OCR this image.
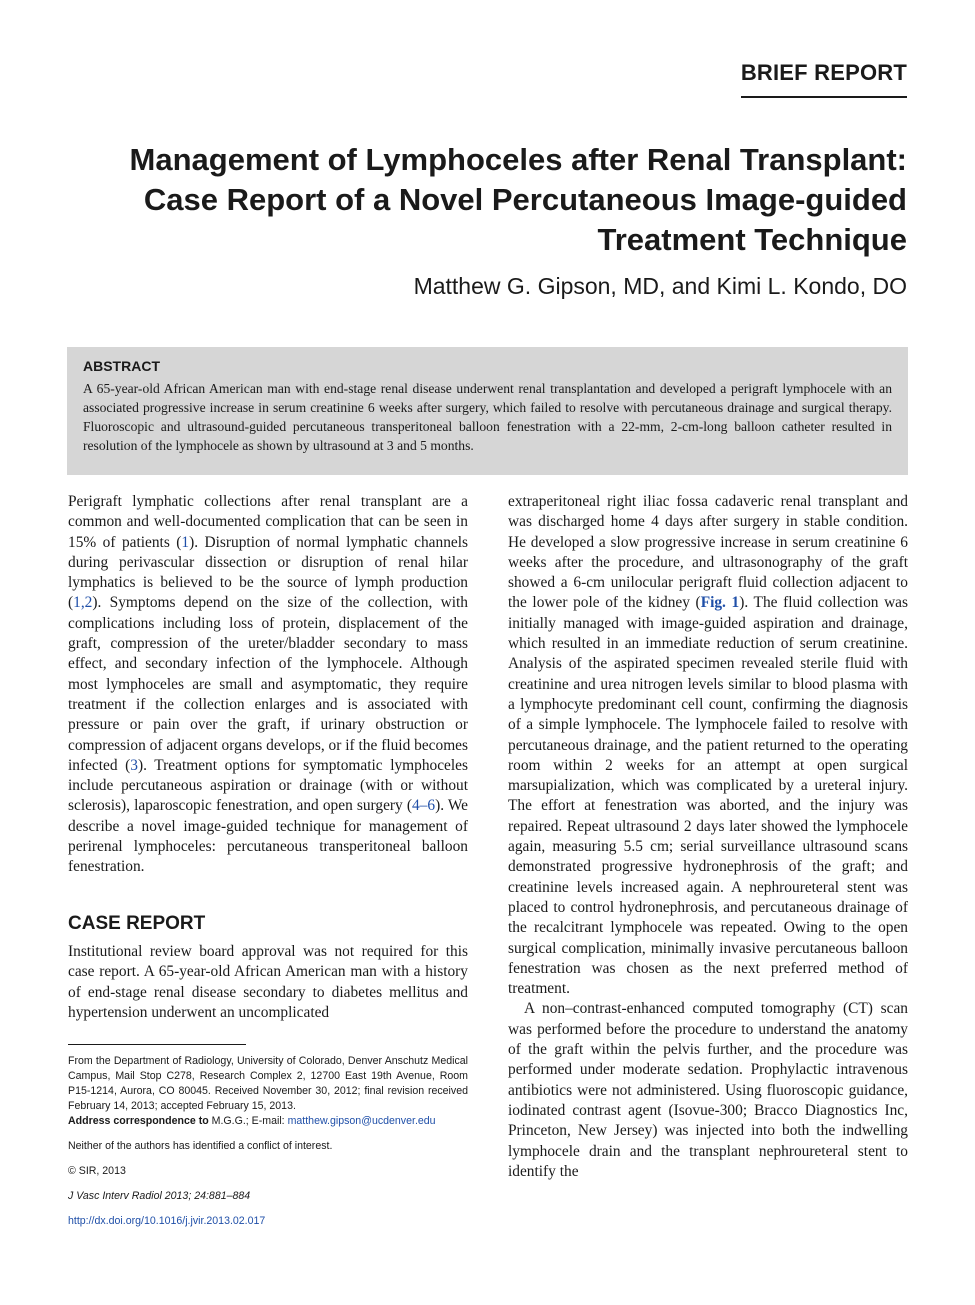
BRIEF REPORT
Management of Lymphoceles after Renal Transplant:
Case Report of a Novel Percutaneous Image-guided
Treatment Technique
Matthew G. Gipson, MD, and Kimi L. Kondo, DO
ABSTRACT
A 65-year-old African American man with end-stage renal disease underwent renal transplantation and developed a perigraft lymphocele with an associated progressive increase in serum creatinine 6 weeks after surgery, which failed to resolve with percutaneous drainage and surgical therapy. Fluoroscopic and ultrasound-guided percutaneous transperitoneal balloon fenestration with a 22-mm, 2-cm-long balloon catheter resulted in resolution of the lymphocele as shown by ultrasound at 3 and 5 months.

Perigraft lymphatic collections after renal transplant are a common and well-documented complication that can be seen in 15% of patients (1). Disruption of normal lymphatic channels during perivascular dissection or disruption of renal hilar lymphatics is believed to be the source of lymph production (1,2). Symptoms depend on the size of the collection, with complications including loss of protein, displacement of the graft, compression of the ureter/bladder secondary to mass effect, and secondary infection of the lymphocele. Although most lymphoceles are small and asymptomatic, they require treatment if the collection enlarges and is associated with pressure or pain over the graft, if urinary obstruction or compression of adjacent organs develops, or if the fluid becomes infected (3). Treatment options for symptomatic lymphoceles include percutaneous aspiration or drainage (with or without sclerosis), laparoscopic fenestration, and open surgery (4–6). We describe a novel image-guided technique for management of perirenal lymphoceles: percutaneous transperitoneal balloon fenestration.

CASE REPORT

Institutional review board approval was not required for this case report. A 65-year-old African American man with a history of end-stage renal disease secondary to diabetes mellitus and hypertension underwent an uncomplicated

From the Department of Radiology, University of Colorado, Denver Anschutz Medical Campus, Mail Stop C278, Research Complex 2, 12700 East 19th Avenue, Room P15-1214, Aurora, CO 80045. Received November 30, 2012; final revision received February 14, 2013; accepted February 15, 2013.

Address correspondence to M.G.G.; E-mail: matthew.gipson@ucdenver.edu

Neither of the authors has identified a conflict of interest.

© SIR, 2013

J Vasc Interv Radiol 2013; 24:881–884

http://dx.doi.org/10.1016/j.jvir.2013.02.017

extraperitoneal right iliac fossa cadaveric renal transplant and was discharged home 4 days after surgery in stable condition. He developed a slow progressive increase in serum creatinine 6 weeks after the procedure, and ultrasonography of the graft showed a 6-cm unilocular perigraft fluid collection adjacent to the lower pole of the kidney (Fig. 1). The fluid collection was initially managed with image-guided aspiration and drainage, which resulted in an immediate reduction of serum creatinine. Analysis of the aspirated specimen revealed sterile fluid with creatinine and urea nitrogen levels similar to blood plasma with a lymphocyte predominant cell count, confirming the diagnosis of a simple lymphocele. The lymphocele failed to resolve with percutaneous drainage, and the patient returned to the operating room within 2 weeks for an attempt at open surgical marsupialization, which was complicated by a ureteral injury. The effort at fenestration was aborted, and the injury was repaired. Repeat ultrasound 2 days later showed the lymphocele again, measuring 5.5 cm; serial surveillance ultrasound scans demonstrated progressive hydronephrosis of the graft; and creatinine levels increased again. A nephroureteral stent was placed to control hydronephrosis, and percutaneous drainage of the recalcitrant lymphocele was repeated. Owing to the open surgical complication, minimally invasive percutaneous balloon fenestration was chosen as the next preferred method of treatment.

A non–contrast-enhanced computed tomography (CT) scan was performed before the procedure to understand the anatomy of the graft within the pelvis further, and the procedure was performed under moderate sedation. Prophylactic intravenous antibiotics were not administered. Using fluoroscopic guidance, iodinated contrast agent (Isovue-300; Bracco Diagnostics Inc, Princeton, New Jersey) was injected into both the indwelling lymphocele drain and the transplant nephroureteral stent to identify the
